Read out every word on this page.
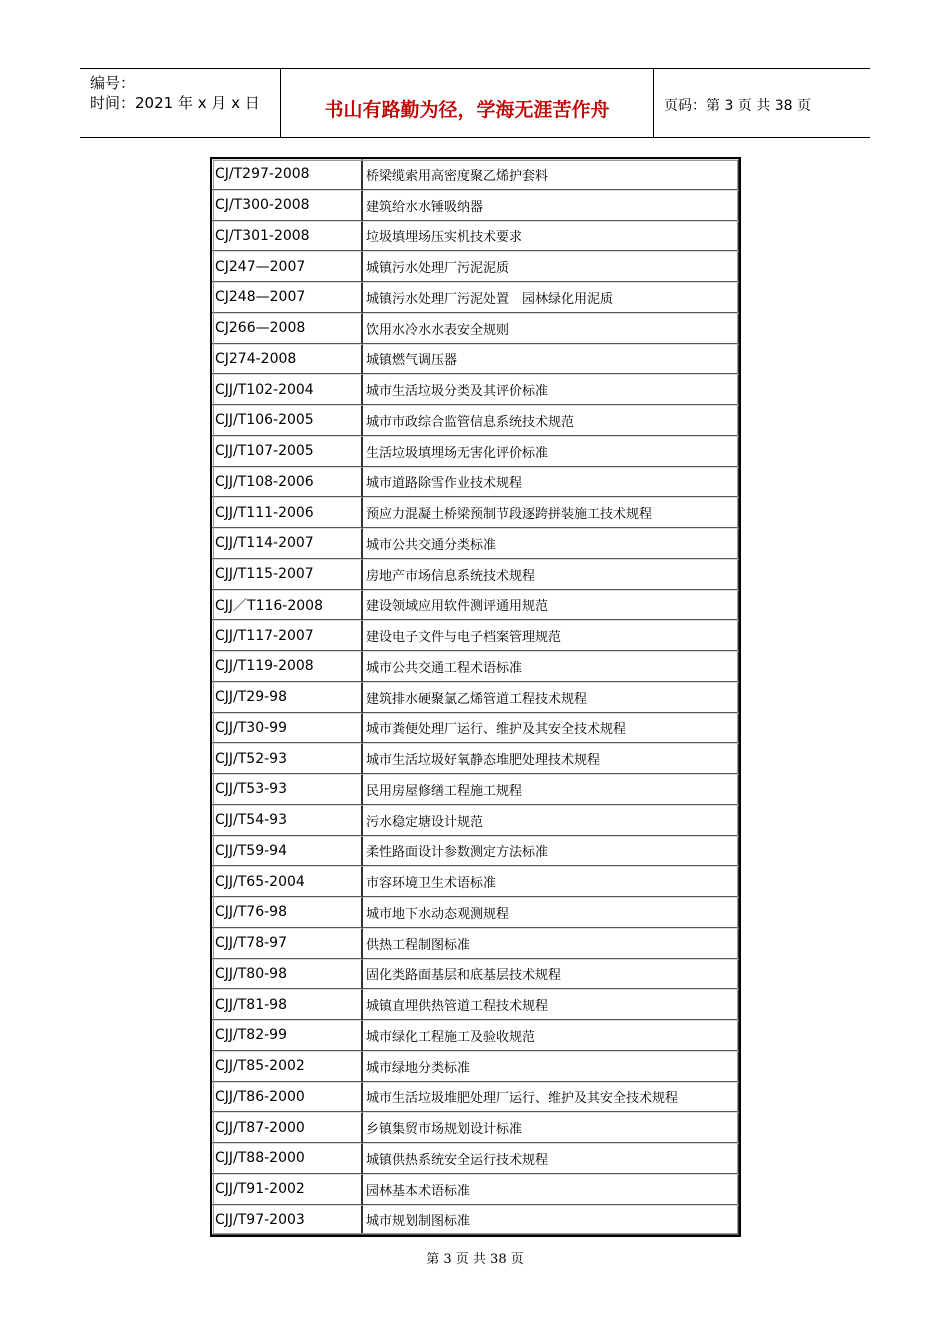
编号：
时间：2021 年 x 月 x 日	书山有路勤为径，学海无涯苦作舟	页码：第 3 页 共 38 页
CJ/T297-2008	桥梁缆索用高密度聚乙烯护套料
CJ/T300-2008	建筑给水水锤吸纳器
CJ/T301-2008	垃圾填埋场压实机技术要求
CJ247—2007	城镇污水处理厂污泥泥质
CJ248—2007	城镇污水处理厂污泥处置　园林绿化用泥质
CJ266—2008	饮用水冷水水表安全规则
CJ274-2008	城镇燃气调压器
CJJ/T102-2004	城市生活垃圾分类及其评价标准
CJJ/T106-2005	城市市政综合监管信息系统技术规范
CJJ/T107-2005	生活垃圾填埋场无害化评价标准
CJJ/T108-2006	城市道路除雪作业技术规程
CJJ/T111-2006	预应力混凝土桥梁预制节段逐跨拼装施工技术规程
CJJ/T114-2007	城市公共交通分类标准
CJJ/T115-2007	房地产市场信息系统技术规程
CJJ／T116-2008	建设领域应用软件测评通用规范
CJJ/T117-2007	建设电子文件与电子档案管理规范
CJJ/T119-2008	城市公共交通工程术语标准
CJJ/T29-98	建筑排水硬聚氯乙烯管道工程技术规程
CJJ/T30-99	城市粪便处理厂运行、维护及其安全技术规程
CJJ/T52-93	城市生活垃圾好氧静态堆肥处理技术规程
CJJ/T53-93	民用房屋修缮工程施工规程
CJJ/T54-93	污水稳定塘设计规范
CJJ/T59-94	柔性路面设计参数测定方法标准
CJJ/T65-2004	市容环境卫生术语标准
CJJ/T76-98	城市地下水动态观测规程
CJJ/T78-97	供热工程制图标准
CJJ/T80-98	固化类路面基层和底基层技术规程
CJJ/T81-98	城镇直埋供热管道工程技术规程
CJJ/T82-99	城市绿化工程施工及验收规范
CJJ/T85-2002	城市绿地分类标准
CJJ/T86-2000	城市生活垃圾堆肥处理厂运行、维护及其安全技术规程
CJJ/T87-2000	乡镇集贸市场规划设计标准
CJJ/T88-2000	城镇供热系统安全运行技术规程
CJJ/T91-2002	园林基本术语标准
CJJ/T97-2003	城市规划制图标准
第 3 页 共 38 页
